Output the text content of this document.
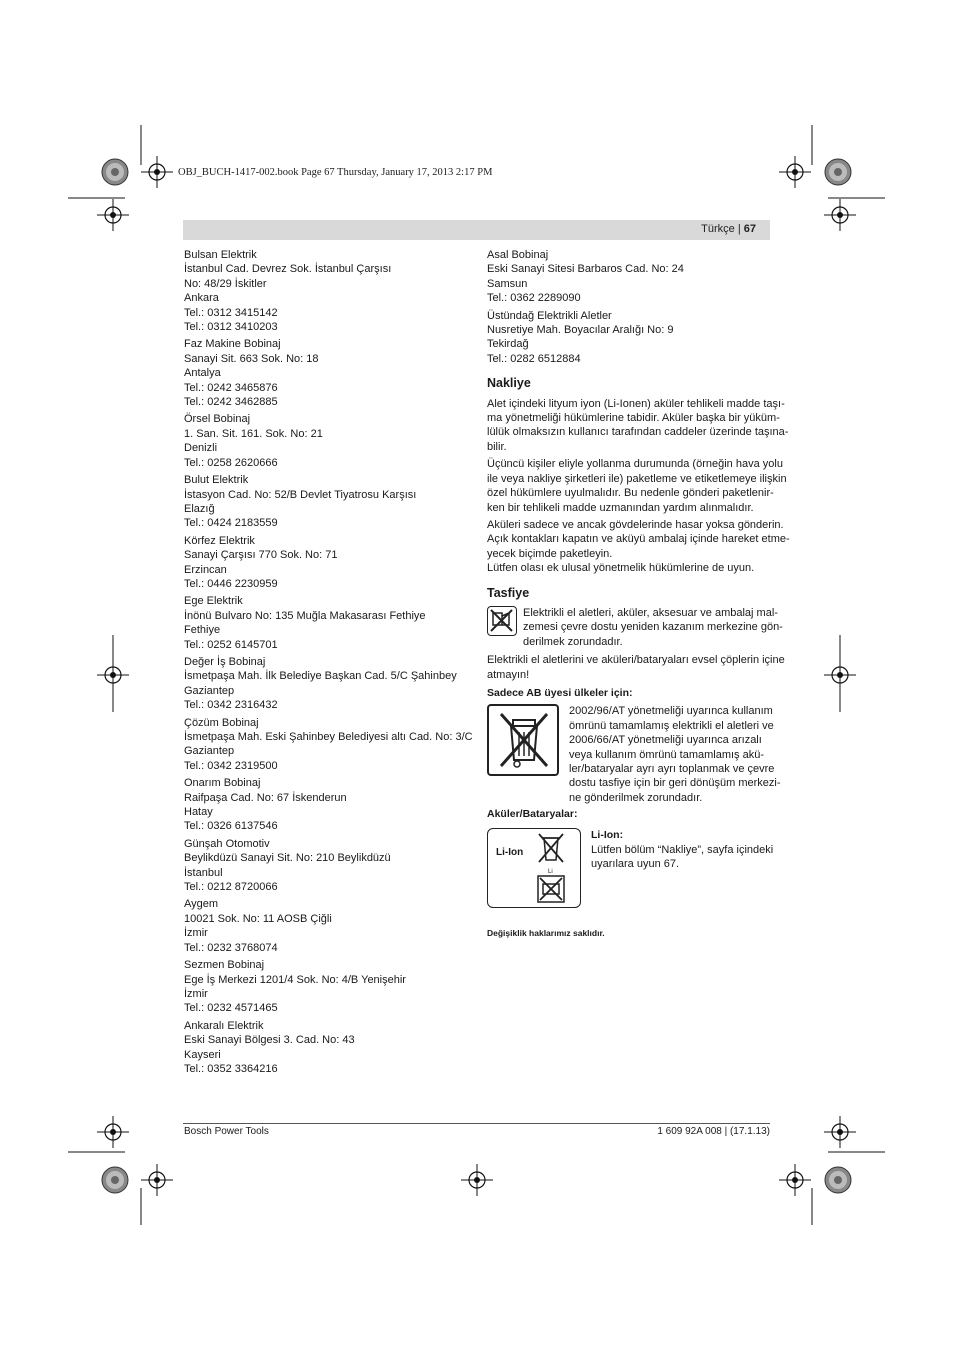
OBJ_BUCH-1417-002.book Page 67 Thursday, January 17, 2013 2:17 PM
Türkçe | 67
Bulsan Elektrik
İstanbul Cad. Devrez Sok. İstanbul Çarşısı
No: 48/29 İskitler
Ankara
Tel.: 0312 3415142
Tel.: 0312 3410203
Faz Makine Bobinaj
Sanayi Sit. 663 Sok. No: 18
Antalya
Tel.: 0242 3465876
Tel.: 0242 3462885
Örsel Bobinaj
1. San. Sit. 161. Sok. No: 21
Denizli
Tel.: 0258 2620666
Bulut Elektrik
İstasyon Cad. No: 52/B Devlet Tiyatrosu Karşısı
Elazığ
Tel.: 0424 2183559
Körfez Elektrik
Sanayi Çarşısı 770 Sok. No: 71
Erzincan
Tel.: 0446 2230959
Ege Elektrik
İnönü Bulvaro No: 135 Muğla Makasarası Fethiye
Fethiye
Tel.: 0252 6145701
Değer İş Bobinaj
İsmetpaşa Mah. İlk Belediye Başkan Cad. 5/C Şahinbey
Gaziantep
Tel.: 0342 2316432
Çözüm Bobinaj
İsmetpaşa Mah. Eski Şahinbey Belediyesi altı Cad. No: 3/C
Gaziantep
Tel.: 0342 2319500
Onarım Bobinaj
Raifpaşa Cad. No: 67 İskenderun
Hatay
Tel.: 0326 6137546
Günşah Otomotiv
Beylikdüzü Sanayi Sit. No: 210 Beylikdüzü
İstanbul
Tel.: 0212 8720066
Aygem
10021 Sok. No: 11 AOSB Çiğli
İzmir
Tel.: 0232 3768074
Sezmen Bobinaj
Ege İş Merkezi 1201/4 Sok. No: 4/B Yenişehir
İzmir
Tel.: 0232 4571465
Ankaralı Elektrik
Eski Sanayi Bölgesi 3. Cad. No: 43
Kayseri
Tel.: 0352 3364216
Asal Bobinaj
Eski Sanayi Sitesi Barbaros Cad. No: 24
Samsun
Tel.: 0362 2289090
Üstündağ Elektrikli Aletler
Nusretiye Mah. Boyacılar Aralığı No: 9
Tekirdağ
Tel.: 0282 6512884
Nakliye

Alet içindeki lityum iyon (Li-Ionen) aküler tehlikeli madde taşı-
ma yönetmeliği hükümlerine tabidir. Aküler başka bir yüküm-
lülük olmaksızın kullanıcı tarafından caddeler üzerinde taşına-
bilir.

Üçüncü kişiler eliyle yollanma durumunda (örneğin hava yolu
ile veya nakliye şirketleri ile) paketleme ve etiketlemeye ilişkin
özel hükümlere uyulmalıdır. Bu nedenle gönderi paketlenir-
ken bir tehlikeli madde uzmanından yardım alınmalıdır.

Aküleri sadece ve ancak gövdelerinde hasar yoksa gönderin.
Açık kontakları kapatın ve aküyü ambalaj içinde hareket etme-
yecek biçimde paketleyin.
Lütfen olası ek ulusal yönetmelik hükümlerine de uyun.

Tasfiye

Elektrikli el aletleri, aküler, aksesuar ve ambalaj mal-
zemesi çevre dostu yeniden kazanım merkezine gön-
derilmek zorundadır.

Elektrikli el aletlerini ve aküleri/bataryaları evsel çöplerin içine
atmayın!

Sadece AB üyesi ülkeler için:

2002/96/AT yönetmeliği uyarınca kullanım
ömrünü tamamlamış elektrikli el aletleri ve
2006/66/AT yönetmeliği uyarınca arızalı
veya kullanım ömrünü tamamlamış akü-
ler/bataryalar ayrı ayrı toplanmak ve çevre
dostu tasfiye için bir geri dönüşüm merkezi-
ne gönderilmek zorundadır.

Aküler/Bataryalar:

Li-Ion
Li

Li-Ion:

Lütfen bölüm “Nakliye”, sayfa içindeki
uyarılara uyun 67.

Değişiklik haklarımız saklıdır.

Bosch Power Tools	1 609 92A 008 | (17.1.13)
